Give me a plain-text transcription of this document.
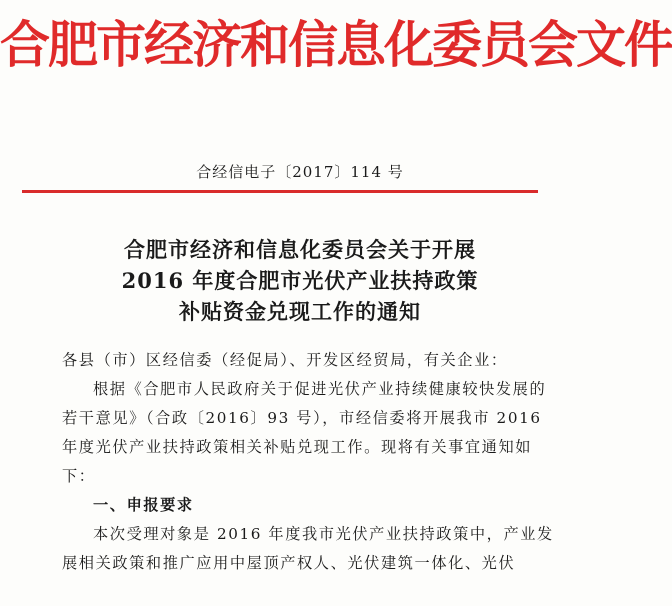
合肥市经济和信息化委员会文件
合经信电子〔2017〕114 号
合肥市经济和信息化委员会关于开展
2016 年度合肥市光伏产业扶持政策
补贴资金兑现工作的通知

各县（市）区经信委（经促局）、开发区经贸局，有关企业：

根据《合肥市人民政府关于促进光伏产业持续健康较快发展的若干意见》（合政〔2016〕93 号），市经信委将开展我市 2016 年度光伏产业扶持政策相关补贴兑现工作。现将有关事宜通知如下：

一、申报要求

本次受理对象是 2016 年度我市光伏产业扶持政策中，产业发展相关政策和推广应用中屋顶产权人、光伏建筑一体化、光伏
